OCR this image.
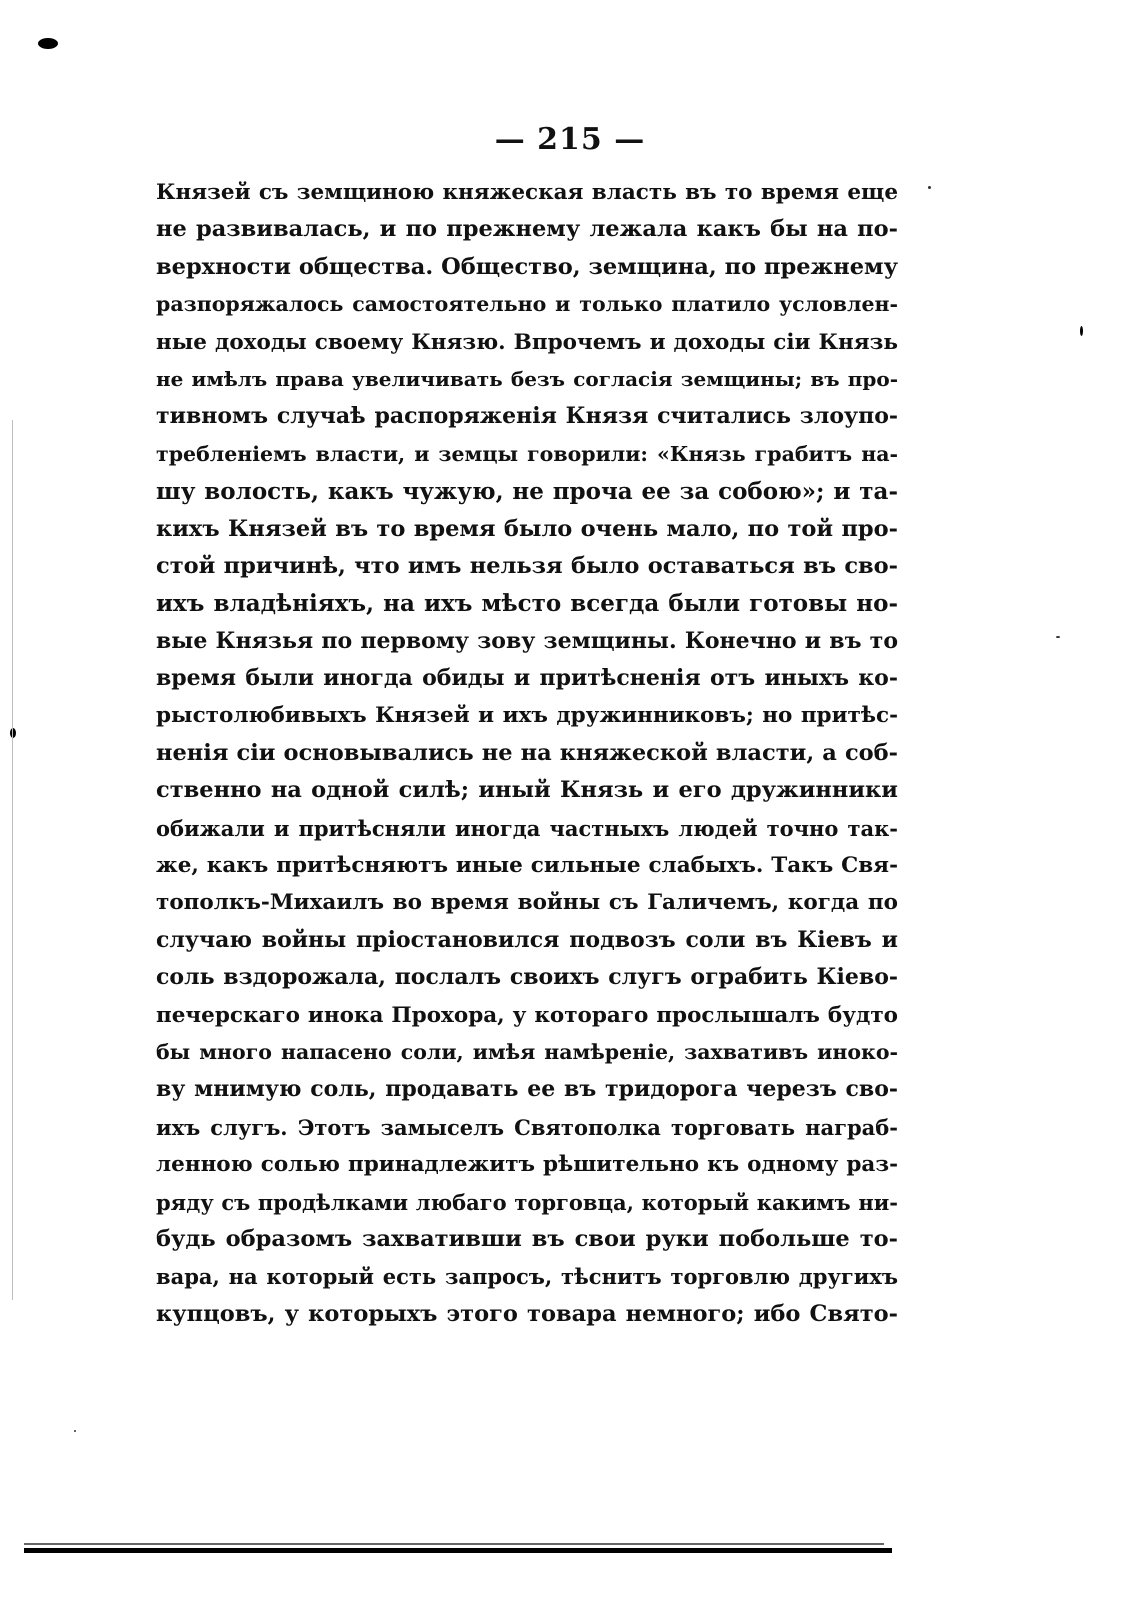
— 215 —
Князей съ земщиною княжеская власть въ то время еще
не развивалась, и по прежнему лежала какъ бы на по-
верхности общества. Общество, земщина, по прежнему
разпоряжалось самостоятельно и только платило условлен-
ные доходы своему Князю. Впрочемъ и доходы сіи Князь
не имѣлъ права увеличивать безъ согласія земщины; въ про-
тивномъ случаѣ распоряженія Князя считались злоупо-
требленіемъ власти, и земцы говорили: «Князь грабитъ на-
шу волость, какъ чужую, не проча ее за собою»; и та-
кихъ Князей въ то время было очень мало, по той про-
стой причинѣ, что имъ нельзя было оставаться въ сво-
ихъ владѣніяхъ, на ихъ мѣсто всегда были готовы но-
вые Князья по первому зову земщины. Конечно и въ то
время были иногда обиды и притѣсненія отъ иныхъ ко-
рыстолюбивыхъ Князей и ихъ дружинниковъ; но притѣс-
ненія сіи основывались не на княжеской власти, а соб-
ственно на одной силѣ; иный Князь и его дружинники
обижали и притѣсняли иногда частныхъ людей точно так-
же, какъ притѣсняютъ иные сильные слабыхъ. Такъ Свя-
тополкъ-Михаилъ во время войны съ Галичемъ, когда по
случаю войны пріостановился подвозъ соли въ Кіевъ и
соль вздорожала, послалъ своихъ слугъ ограбить Кіево-
печерскаго инока Прохора, у котораго прослышалъ будто
бы много напасено соли, имѣя намѣреніе, захвативъ иноко-
ву мнимую соль, продавать ее въ тридорога черезъ сво-
ихъ слугъ. Этотъ замыселъ Святополка торговать награб-
ленною солью принадлежитъ рѣшительно къ одному раз-
ряду съ продѣлками любаго торговца, который какимъ ни-
будь образомъ захвативши въ свои руки побольше то-
вара, на который есть запросъ, тѣснитъ торговлю другихъ
купцовъ, у которыхъ этого товара немного; ибо Свято-
